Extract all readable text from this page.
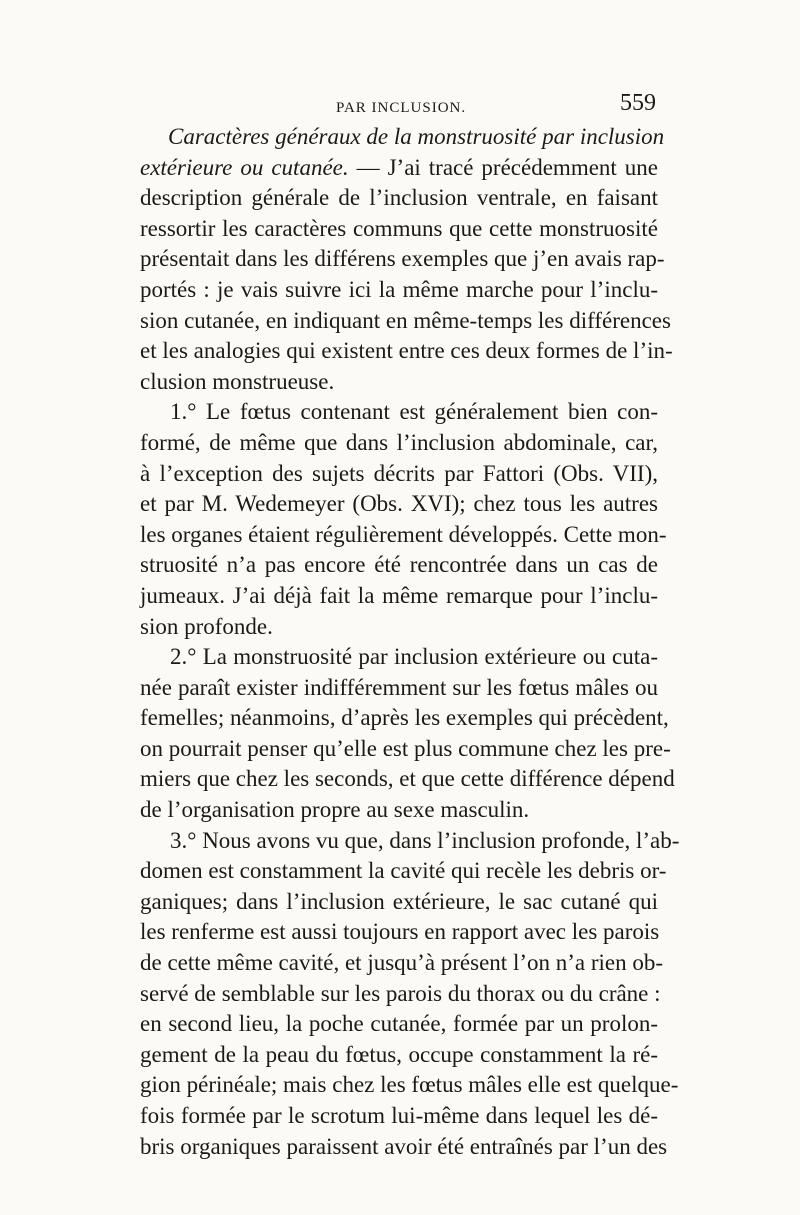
PAR INCLUSION.	559
Caractères généraux de la monstruosité par inclusion
extérieure ou cutanée. — J’ai tracé précédemment une
description générale de l’inclusion ventrale, en faisant
ressortir les caractères communs que cette monstruosité
présentait dans les différens exemples que j’en avais rap-
portés : je vais suivre ici la même marche pour l’inclu-
sion cutanée, en indiquant en même-temps les différences
et les analogies qui existent entre ces deux formes de l’in-
clusion monstrueuse.
1.° Le fœtus contenant est généralement bien con-
formé, de même que dans l’inclusion abdominale, car,
à l’exception des sujets décrits par Fattori (Obs. VII),
et par M. Wedemeyer (Obs. XVI); chez tous les autres
les organes étaient régulièrement développés. Cette mon-
struosité n’a pas encore été rencontrée dans un cas de
jumeaux. J’ai déjà fait la même remarque pour l’inclu-
sion profonde.
2.° La monstruosité par inclusion extérieure ou cuta-
née paraît exister indifféremment sur les fœtus mâles ou
femelles; néanmoins, d’après les exemples qui précèdent,
on pourrait penser qu’elle est plus commune chez les pre-
miers que chez les seconds, et que cette différence dépend
de l’organisation propre au sexe masculin.
3.° Nous avons vu que, dans l’inclusion profonde, l’ab-
domen est constamment la cavité qui recèle les debris or-
ganiques; dans l’inclusion extérieure, le sac cutané qui
les renferme est aussi toujours en rapport avec les parois
de cette même cavité, et jusqu’à présent l’on n’a rien ob-
servé de semblable sur les parois du thorax ou du crâne :
en second lieu, la poche cutanée, formée par un prolon-
gement de la peau du fœtus, occupe constamment la ré-
gion périnéale; mais chez les fœtus mâles elle est quelque-
fois formée par le scrotum lui-même dans lequel les dé-
bris organiques paraissent avoir été entraînés par l’un des
